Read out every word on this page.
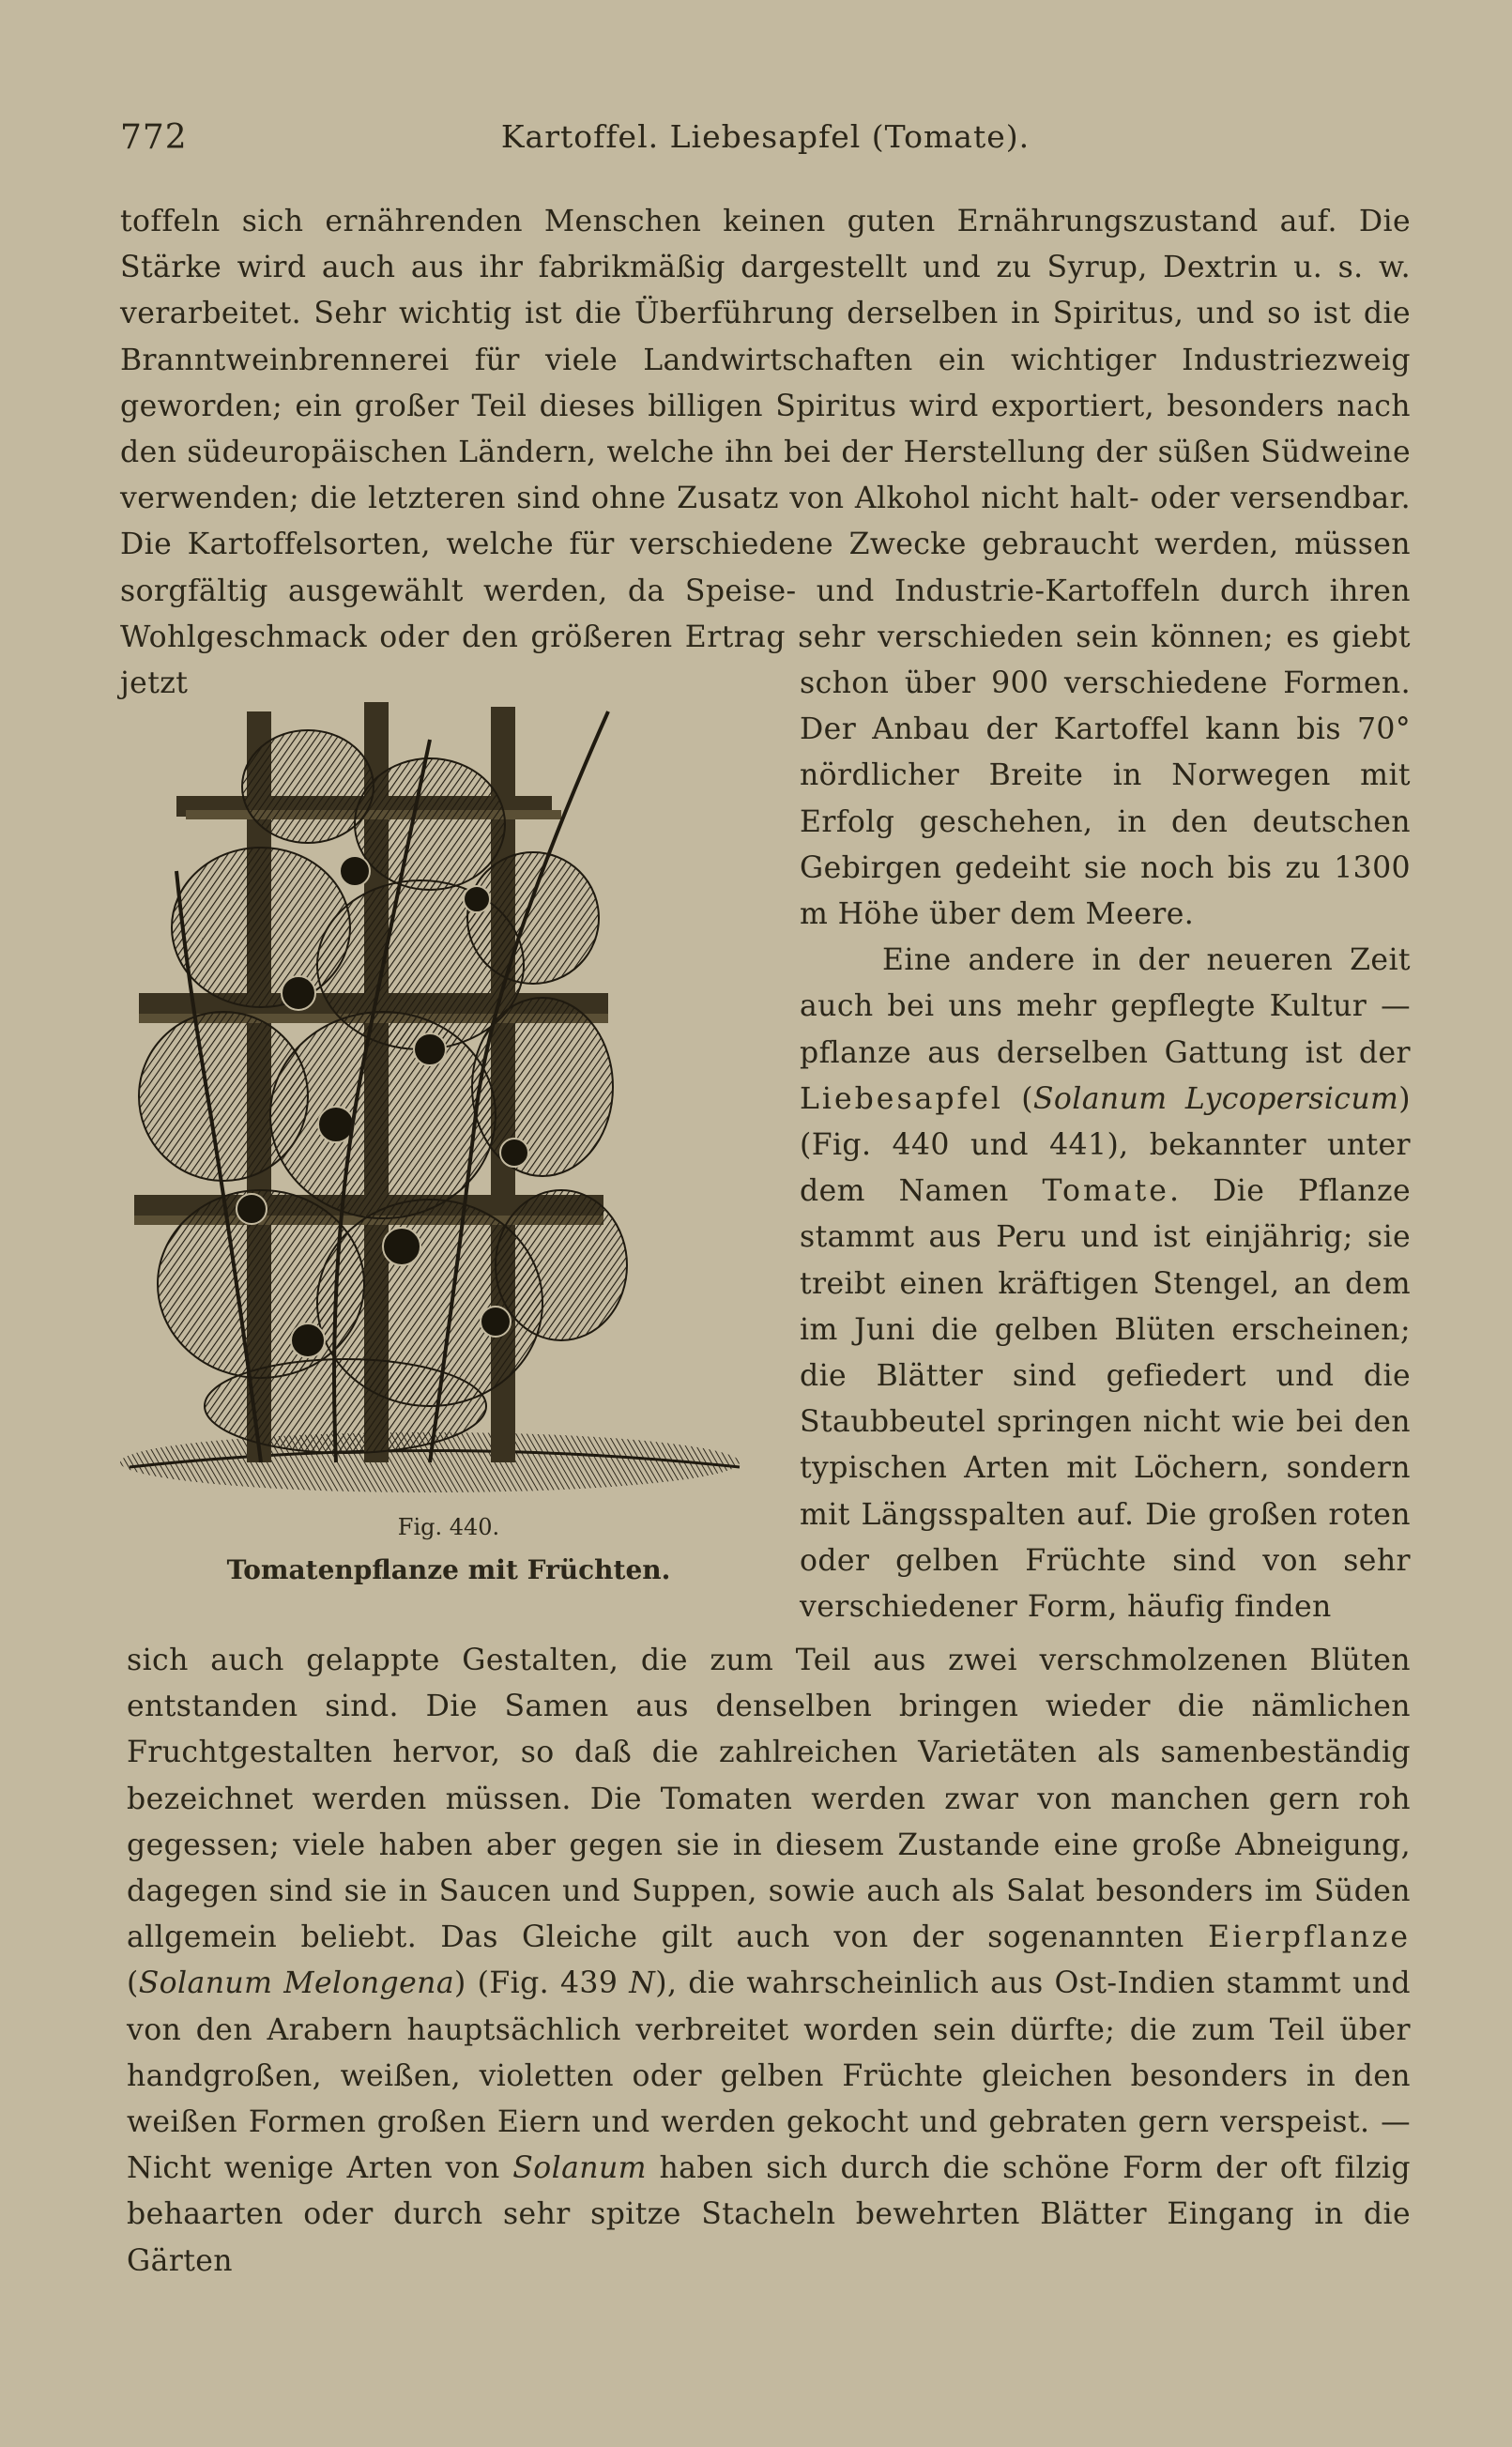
772	Kartoffel. Liebesapfel (Tomate).

toffeln sich ernährenden Menschen keinen guten Ernährungszustand auf. Die Stärke wird auch aus ihr fabrikmäßig dargestellt und zu Syrup, Dextrin u. s. w. verarbeitet. Sehr wichtig ist die Überführung derselben in Spiritus, und so ist die Branntweinbrennerei für viele Landwirtschaften ein wichtiger Industriezweig geworden; ein großer Teil dieses billigen Spiritus wird exportiert, besonders nach den südeuropäischen Ländern, welche ihn bei der Herstellung der süßen Südweine verwenden; die letzteren sind ohne Zusatz von Alkohol nicht halt- oder versendbar. Die Kartoffelsorten, welche für verschiedene Zwecke gebraucht werden, müssen sorgfältig ausgewählt werden, da Speise- und Industrie-Kartoffeln durch ihren Wohlgeschmack oder den größeren Ertrag sehr verschieden sein können; es giebt jetzt

Fig. 440.
Tomatenpflanze mit Früchten.

schon über 900 verschiedene Formen. Der Anbau der Kartoffel kann bis 70° nördlicher Breite in Norwegen mit Erfolg geschehen, in den deutschen Gebirgen gedeiht sie noch bis zu 1300 m Höhe über dem Meere.

Eine andere in der neueren Zeit auch bei uns mehr gepflegte Kultur — pflanze aus derselben Gattung ist der Liebesapfel (Solanum Lycopersicum) (Fig. 440 und 441), bekannter unter dem Namen Tomate. Die Pflanze stammt aus Peru und ist einjährig; sie treibt einen kräftigen Stengel, an dem im Juni die gelben Blüten erscheinen; die Blätter sind gefiedert und die Staubbeutel springen nicht wie bei den typischen Arten mit Löchern, sondern mit Längsspalten auf. Die großen roten oder gelben Früchte sind von sehr verschiedener Form, häufig finden

sich auch gelappte Gestalten, die zum Teil aus zwei verschmolzenen Blüten entstanden sind. Die Samen aus denselben bringen wieder die nämlichen Fruchtgestalten hervor, so daß die zahlreichen Varietäten als samenbeständig bezeichnet werden müssen. Die Tomaten werden zwar von manchen gern roh gegessen; viele haben aber gegen sie in diesem Zustande eine große Abneigung, dagegen sind sie in Saucen und Suppen, sowie auch als Salat besonders im Süden allgemein beliebt. Das Gleiche gilt auch von der sogenannten Eierpflanze (Solanum Melongena) (Fig. 439 N), die wahrscheinlich aus Ost-Indien stammt und von den Arabern hauptsächlich verbreitet worden sein dürfte; die zum Teil über handgroßen, weißen, violetten oder gelben Früchte gleichen besonders in den weißen Formen großen Eiern und werden gekocht und gebraten gern verspeist. — Nicht wenige Arten von Solanum haben sich durch die schöne Form der oft filzig behaarten oder durch sehr spitze Stacheln bewehrten Blätter Eingang in die Gärten
